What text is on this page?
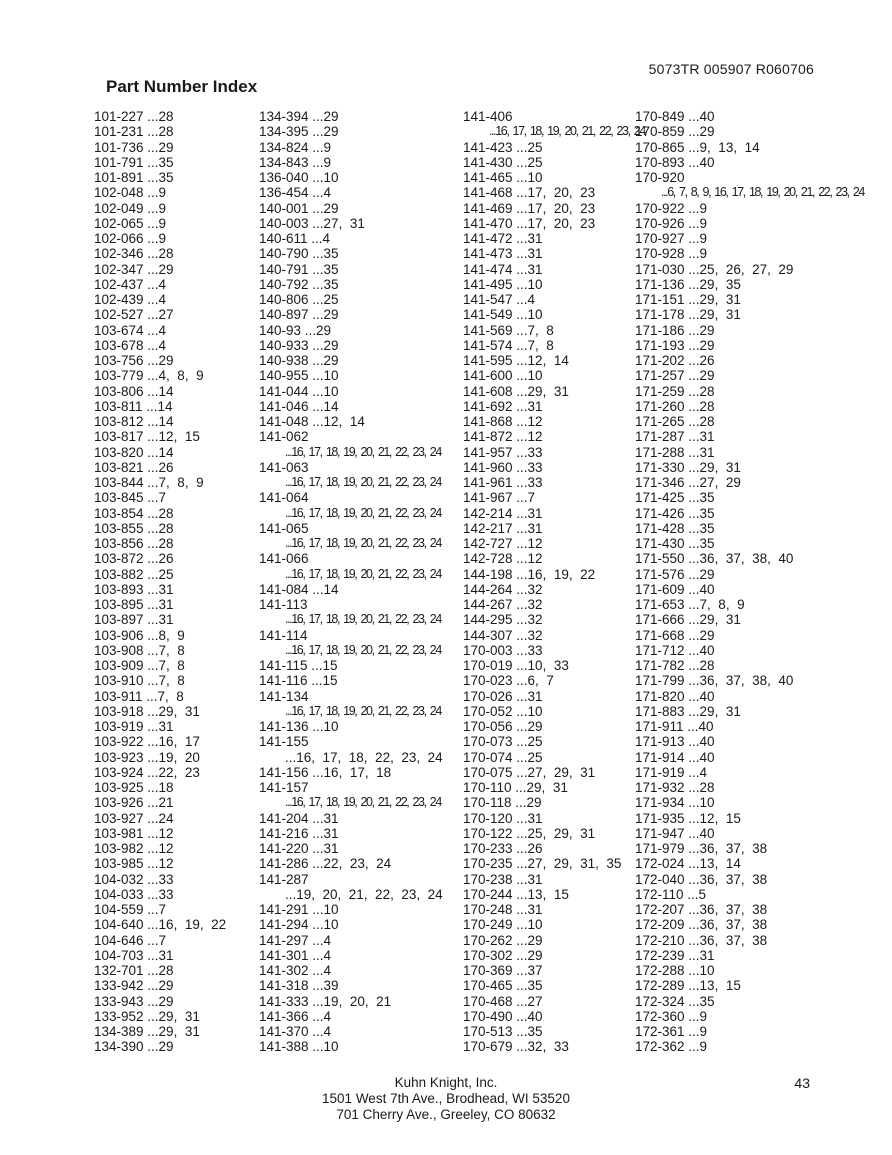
5073TR 005907 R060706
Part Number Index
101-227 ...28
101-231 ...28
101-736 ...29
101-791 ...35
101-891 ...35
102-048 ...9
102-049 ...9
102-065 ...9
102-066 ...9
102-346 ...28
102-347 ...29
102-437 ...4
102-439 ...4
102-527 ...27
103-674 ...4
103-678 ...4
103-756 ...29
103-779 ...4,  8,  9
103-806 ...14
103-811 ...14
103-812 ...14
103-817 ...12,  15
103-820 ...14
103-821 ...26
103-844 ...7,  8,  9
103-845 ...7
103-854 ...28
103-855 ...28
103-856 ...28
103-872 ...26
103-882 ...25
103-893 ...31
103-895 ...31
103-897 ...31
103-906 ...8,  9
103-908 ...7,  8
103-909 ...7,  8
103-910 ...7,  8
103-911 ...7,  8
103-918 ...29,  31
103-919 ...31
103-922 ...16,  17
103-923 ...19,  20
103-924 ...22,  23
103-925 ...18
103-926 ...21
103-927 ...24
103-981 ...12
103-982 ...12
103-985 ...12
104-032 ...33
104-033 ...33
104-559 ...7
104-640 ...16,  19,  22
104-646 ...7
104-703 ...31
132-701 ...28
133-942 ...29
133-943 ...29
133-952 ...29,  31
134-389 ...29,  31
134-390 ...29
134-394 ...29
134-395 ...29
134-824 ...9
134-843 ...9
136-040 ...10
136-454 ...4
140-001 ...29
140-003 ...27,  31
140-611 ...4
140-790 ...35
140-791 ...35
140-792 ...35
140-806 ...25
140-897 ...29
140-93 ...29
140-933 ...29
140-938 ...29
140-955 ...10
141-044 ...10
141-046 ...14
141-048 ...12,  14
141-062
...16,  17,  18,  19,  20,  21,  22,  23,  24
141-063
...16,  17,  18,  19,  20,  21,  22,  23,  24
141-064
...16,  17,  18,  19,  20,  21,  22,  23,  24
141-065
...16,  17,  18,  19,  20,  21,  22,  23,  24
141-066
...16,  17,  18,  19,  20,  21,  22,  23,  24
141-084 ...14
141-113
...16,  17,  18,  19,  20,  21,  22,  23,  24
141-114
...16,  17,  18,  19,  20,  21,  22,  23,  24
141-115 ...15
141-116 ...15
141-134
...16,  17,  18,  19,  20,  21,  22,  23,  24
141-136 ...10
141-155
...16,  17,  18,  22,  23,  24
141-156 ...16,  17,  18
141-157
...16,  17,  18,  19,  20,  21,  22,  23,  24
141-204 ...31
141-216 ...31
141-220 ...31
141-286 ...22,  23,  24
141-287
...19,  20,  21,  22,  23,  24
141-291 ...10
141-294 ...10
141-297 ...4
141-301 ...4
141-302 ...4
141-318 ...39
141-333 ...19,  20,  21
141-366 ...4
141-370 ...4
141-388 ...10
141-406
...16,  17,  18,  19,  20,  21,  22,  23,  24
141-423 ...25
141-430 ...25
141-465 ...10
141-468 ...17,  20,  23
141-469 ...17,  20,  23
141-470 ...17,  20,  23
141-472 ...31
141-473 ...31
141-474 ...31
141-495 ...10
141-547 ...4
141-549 ...10
141-569 ...7,  8
141-574 ...7,  8
141-595 ...12,  14
141-600 ...10
141-608 ...29,  31
141-692 ...31
141-868 ...12
141-872 ...12
141-957 ...33
141-960 ...33
141-961 ...33
141-967 ...7
142-214 ...31
142-217 ...31
142-727 ...12
142-728 ...12
144-198 ...16,  19,  22
144-264 ...32
144-267 ...32
144-295 ...32
144-307 ...32
170-003 ...33
170-019 ...10,  33
170-023 ...6,  7
170-026 ...31
170-052 ...10
170-056 ...29
170-073 ...25
170-074 ...25
170-075 ...27,  29,  31
170-110 ...29,  31
170-118 ...29
170-120 ...31
170-122 ...25,  29,  31
170-233 ...26
170-235 ...27,  29,  31,  35
170-238 ...31
170-244 ...13,  15
170-248 ...31
170-249 ...10
170-262 ...29
170-302 ...29
170-369 ...37
170-465 ...35
170-468 ...27
170-490 ...40
170-513 ...35
170-679 ...32,  33
170-849 ...40
170-859 ...29
170-865 ...9,  13,  14
170-893 ...40
170-920
...6,  7,  8,  9,  16,  17,  18,  19,  20,  21,  22,  23,  24
170-922 ...9
170-926 ...9
170-927 ...9
170-928 ...9
171-030 ...25,  26,  27,  29
171-136 ...29,  35
171-151 ...29,  31
171-178 ...29,  31
171-186 ...29
171-193 ...29
171-202 ...26
171-257 ...29
171-259 ...28
171-260 ...28
171-265 ...28
171-287 ...31
171-288 ...31
171-330 ...29,  31
171-346 ...27,  29
171-425 ...35
171-426 ...35
171-428 ...35
171-430 ...35
171-550 ...36,  37,  38,  40
171-576 ...29
171-609 ...40
171-653 ...7,  8,  9
171-666 ...29,  31
171-668 ...29
171-712 ...40
171-782 ...28
171-799 ...36,  37,  38,  40
171-820 ...40
171-883 ...29,  31
171-911 ...40
171-913 ...40
171-914 ...40
171-919 ...4
171-932 ...28
171-934 ...10
171-935 ...12,  15
171-947 ...40
171-979 ...36,  37,  38
172-024 ...13,  14
172-040 ...36,  37,  38
172-110 ...5
172-207 ...36,  37,  38
172-209 ...36,  37,  38
172-210 ...36,  37,  38
172-239 ...31
172-288 ...10
172-289 ...13,  15
172-324 ...35
172-360 ...9
172-361 ...9
172-362 ...9
Kuhn Knight, Inc.
1501 West 7th Ave., Brodhead, WI 53520
701 Cherry Ave., Greeley, CO 80632
43
